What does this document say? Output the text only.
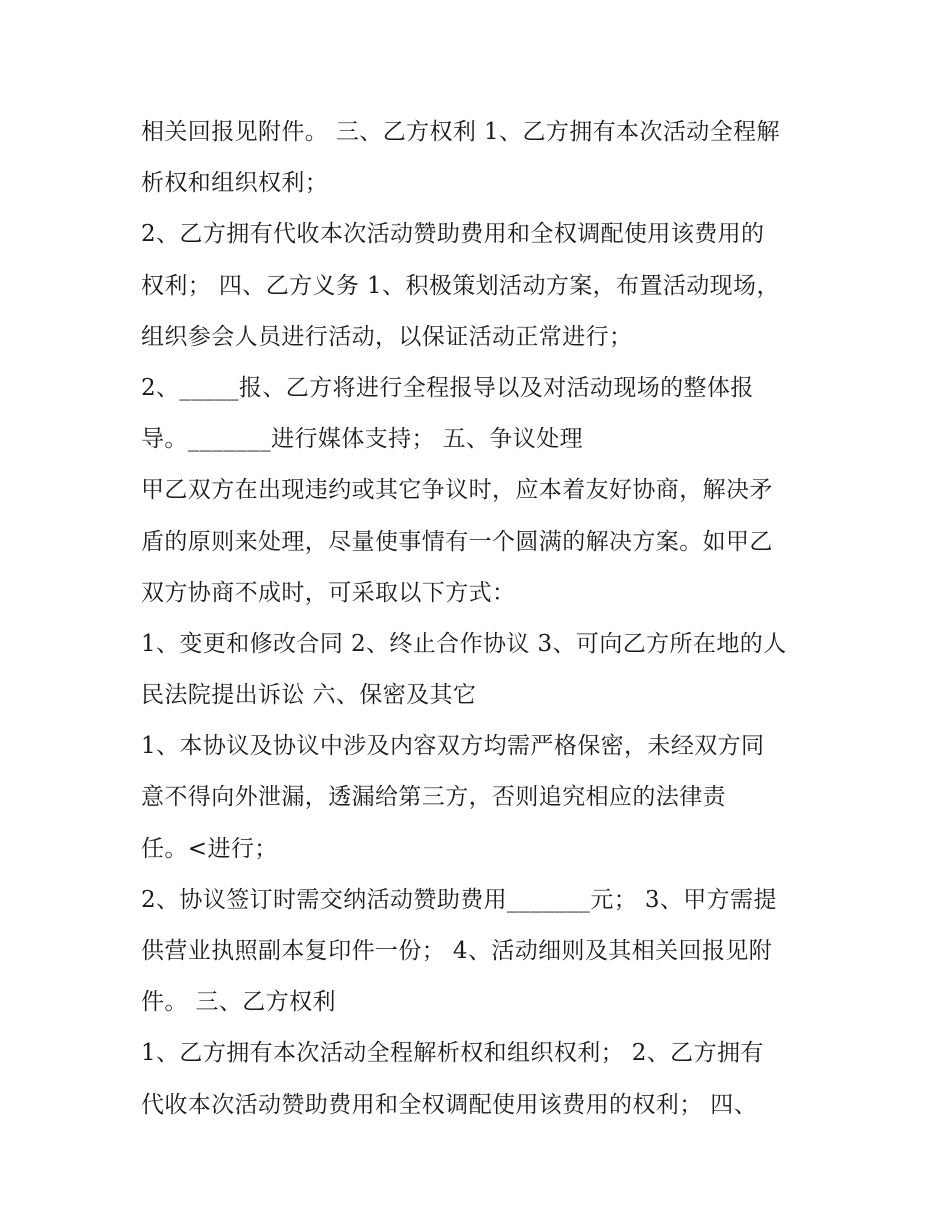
相关回报见附件。 三、乙方权利 1、乙方拥有本次活动全程解
析权和组织权利；
2、乙方拥有代收本次活动赞助费用和全权调配使用该费用的
权利； 四、乙方义务 1、积极策划活动方案，布置活动现场，
组织参会人员进行活动，以保证活动正常进行；
2、_____报、乙方将进行全程报导以及对活动现场的整体报
导。_______进行媒体支持； 五、争议处理
甲乙双方在出现违约或其它争议时，应本着友好协商，解决矛
盾的原则来处理，尽量使事情有一个圆满的解决方案。如甲乙
双方协商不成时，可采取以下方式：
1、变更和修改合同 2、终止合作协议 3、可向乙方所在地的人
民法院提出诉讼 六、保密及其它
1、本协议及协议中涉及内容双方均需严格保密，未经双方同
意不得向外泄漏，透漏给第三方，否则追究相应的法律责
任。<进行；
2、协议签订时需交纳活动赞助费用_______元； 3、甲方需提
供营业执照副本复印件一份； 4、活动细则及其相关回报见附
件。 三、乙方权利
1、乙方拥有本次活动全程解析权和组织权利； 2、乙方拥有
代收本次活动赞助费用和全权调配使用该费用的权利； 四、
